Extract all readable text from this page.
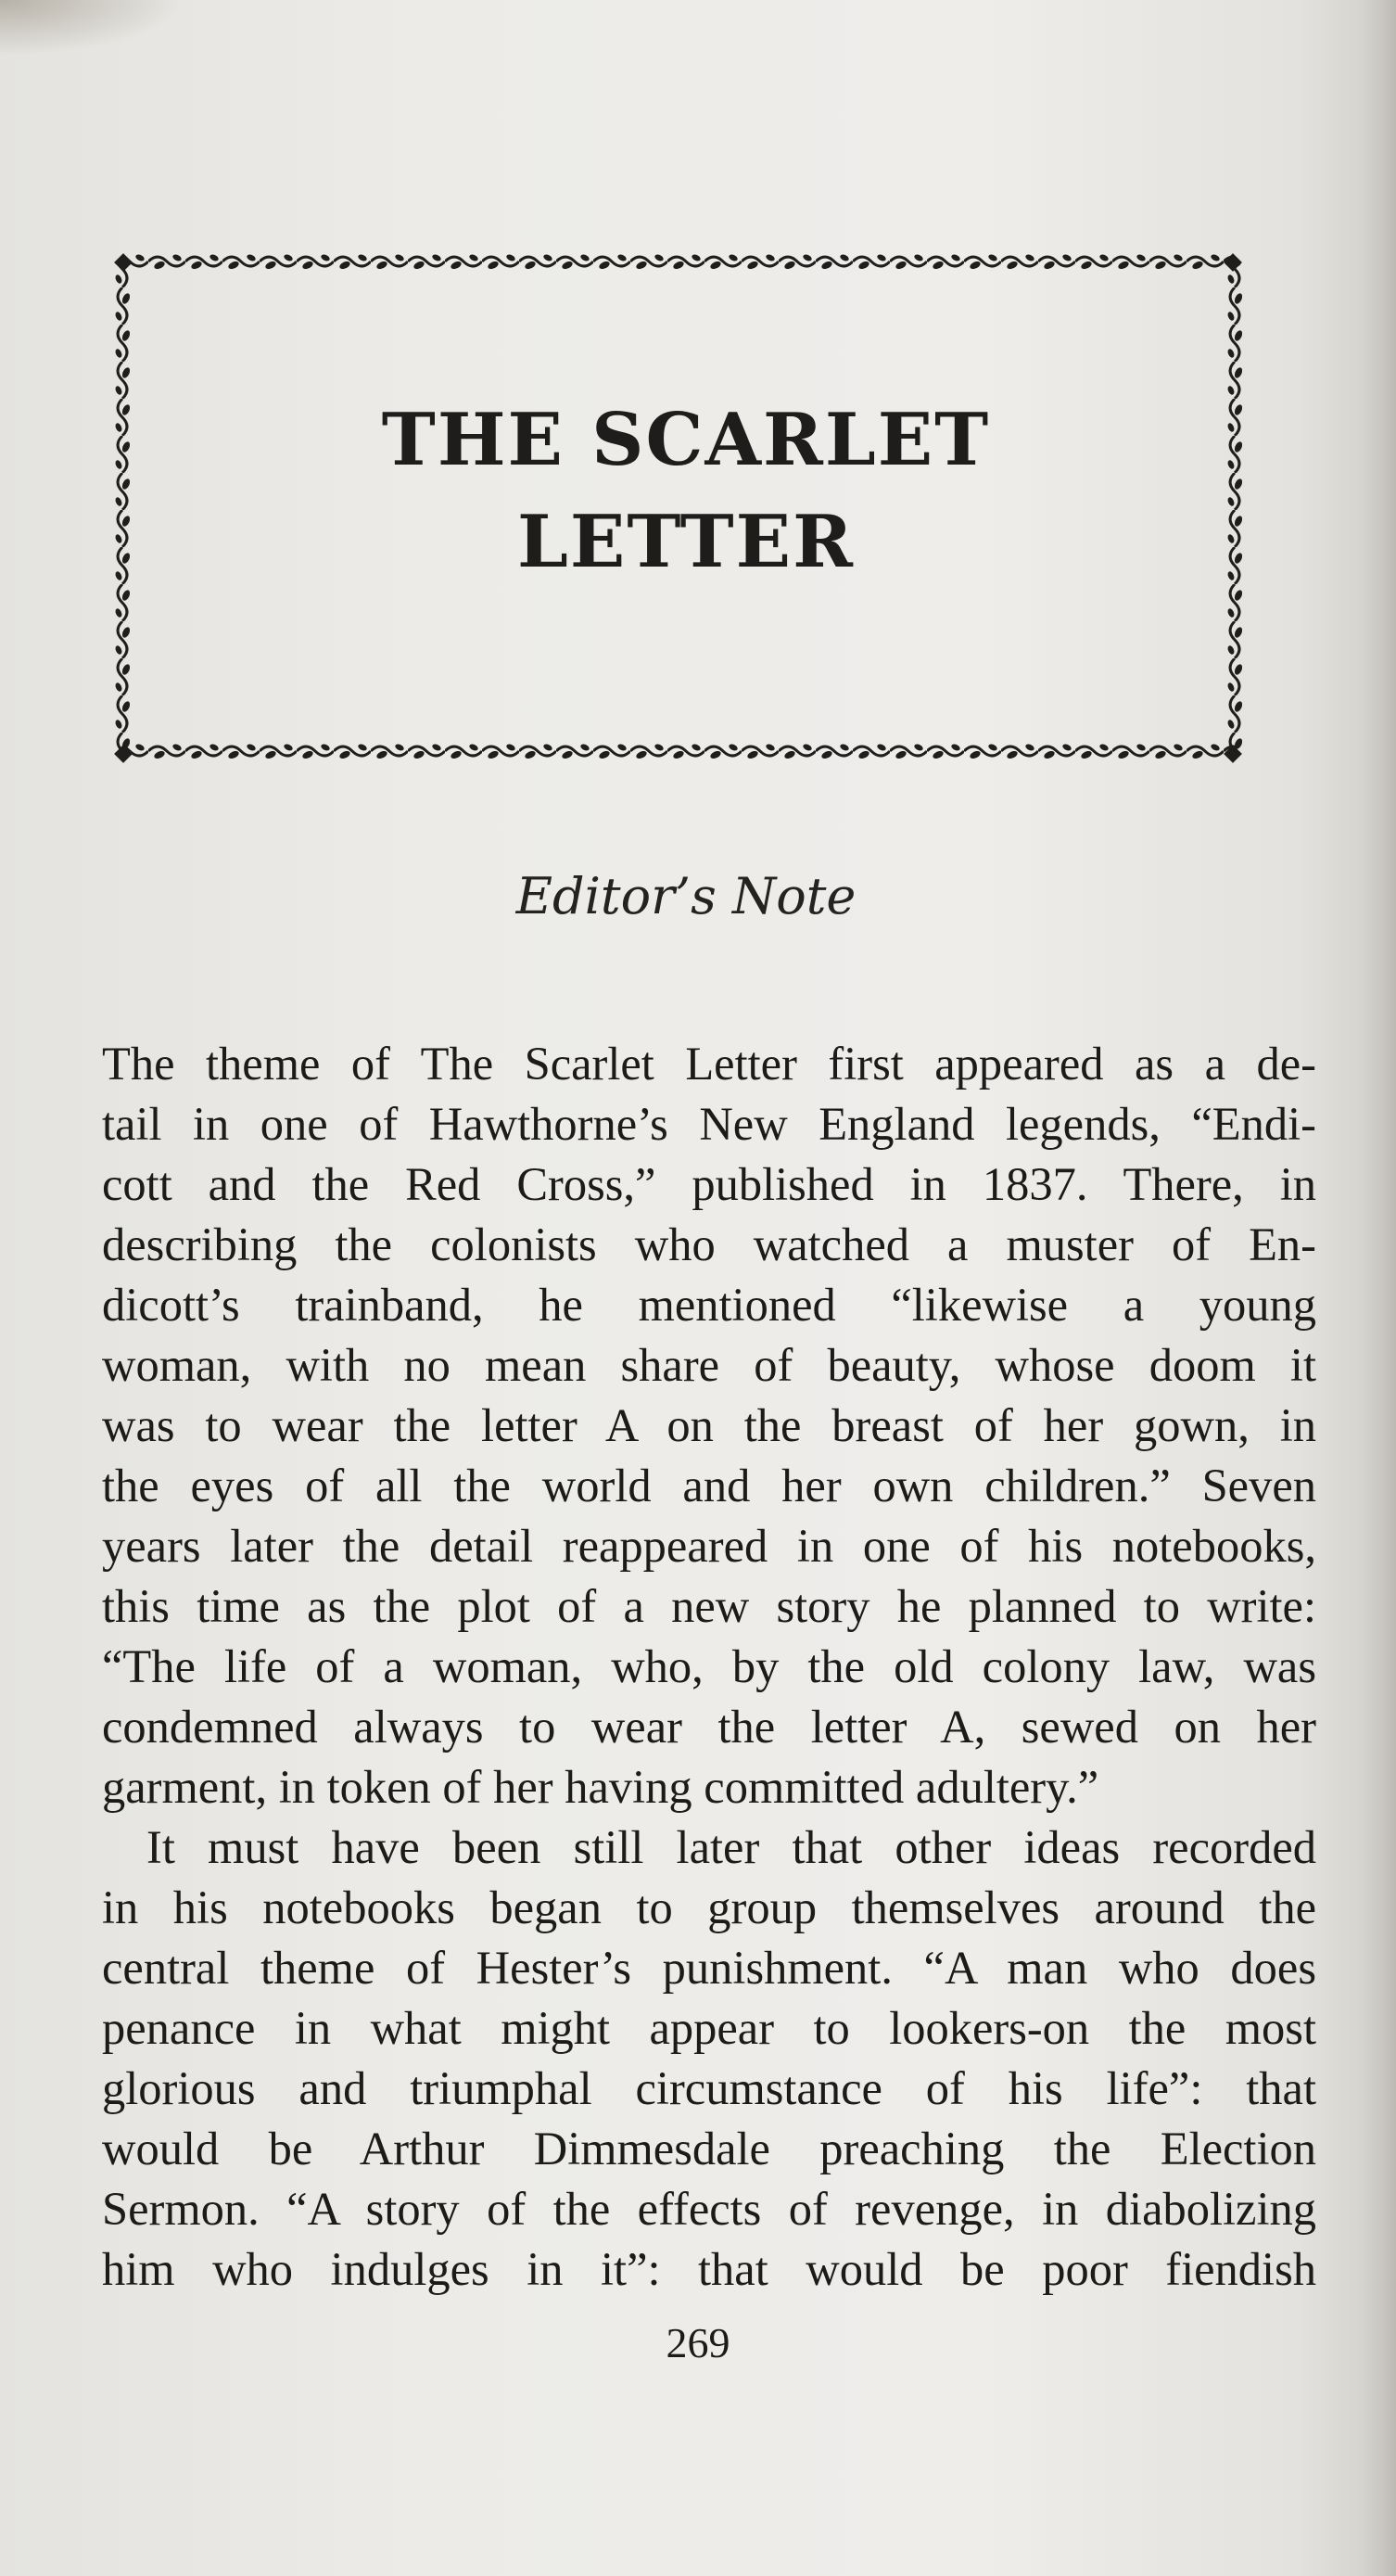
THE SCARLET
LETTER
Editor’s Note
The theme of The Scarlet Letter first appeared as a de-
tail in one of Hawthorne’s New England legends, “Endi-
cott and the Red Cross,” published in 1837. There, in
describing the colonists who watched a muster of En-
dicott’s trainband, he mentioned “likewise a young
woman, with no mean share of beauty, whose doom it
was to wear the letter A on the breast of her gown, in
the eyes of all the world and her own children.” Seven
years later the detail reappeared in one of his notebooks,
this time as the plot of a new story he planned to write:
“The life of a woman, who, by the old colony law, was
condemned always to wear the letter A, sewed on her
garment, in token of her having committed adultery.”
It must have been still later that other ideas recorded
in his notebooks began to group themselves around the
central theme of Hester’s punishment. “A man who does
penance in what might appear to lookers-on the most
glorious and triumphal circumstance of his life”: that
would be Arthur Dimmesdale preaching the Election
Sermon. “A story of the effects of revenge, in diabolizing
him who indulges in it”: that would be poor fiendish
269
